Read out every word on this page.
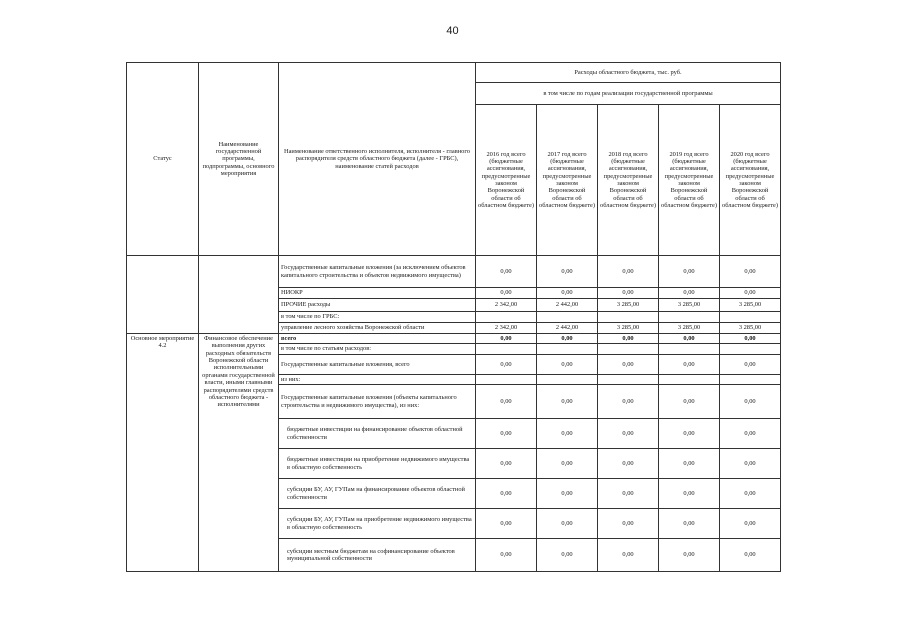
40
Статус	Наименование государственной программы, подпрограммы, основного мероприятия	Наименование ответственного исполнителя, исполнителя - главного распорядителя средств областного бюджета (далее - ГРБС), наименование статей расходов	Расходы областного бюджета, тыс. руб.				
			в том числе по годам реализации государственной программы				
			2016 год всего (бюджетные ассигнования, предусмотренные законом Воронежской области об областном бюджете)	2017 год всего (бюджетные ассигнования, предусмотренные законом Воронежской области об областном бюджете)	2018 год всего (бюджетные ассигнования, предусмотренные законом Воронежской области об областном бюджете)	2019 год всего (бюджетные ассигнования, предусмотренные законом Воронежской области об областном бюджете)	2020 год всего (бюджетные ассигнования, предусмотренные законом Воронежской области об областном бюджете)
		Государственные капитальные вложения (за исключением объектов капитального строительства и объектов недвижимого имущества)	0,00	0,00	0,00	0,00	0,00
		НИОКР	0,00	0,00	0,00	0,00	0,00
		ПРОЧИЕ расходы	2 342,00	2 442,00	3 285,00	3 285,00	3 285,00
		в том числе по ГРБС:					
		управление лесного хозяйства Воронежской области	2 342,00	2 442,00	3 285,00	3 285,00	3 285,00
Основное мероприятие 4.2	Финансовое обеспечение выполнения других расходных обязательств Воронежской области исполнительными органами государственной власти, иными главными распорядителями средств областного бюджета - исполнителями	всего	0,00	0,00	0,00	0,00	0,00
		в том числе по статьям расходов:					
		Государственные капитальные вложения, всего	0,00	0,00	0,00	0,00	0,00
		из них:					
		Государственные капитальные вложения (объекты капитального строительства и недвижимого имущества), из них:	0,00	0,00	0,00	0,00	0,00
		бюджетные инвестиции на финансирование объектов областной собственности	0,00	0,00	0,00	0,00	0,00
		бюджетные инвестиции на приобретение недвижимого имущества в областную собственность	0,00	0,00	0,00	0,00	0,00
		субсидии БУ, АУ, ГУПам на финансирование объектов областной собственности	0,00	0,00	0,00	0,00	0,00
		субсидии БУ, АУ, ГУПам на приобретение недвижимого имущества в областную собственность	0,00	0,00	0,00	0,00	0,00
		субсидии местным бюджетам на софинансирование объектов муниципальной собственности	0,00	0,00	0,00	0,00	0,00
